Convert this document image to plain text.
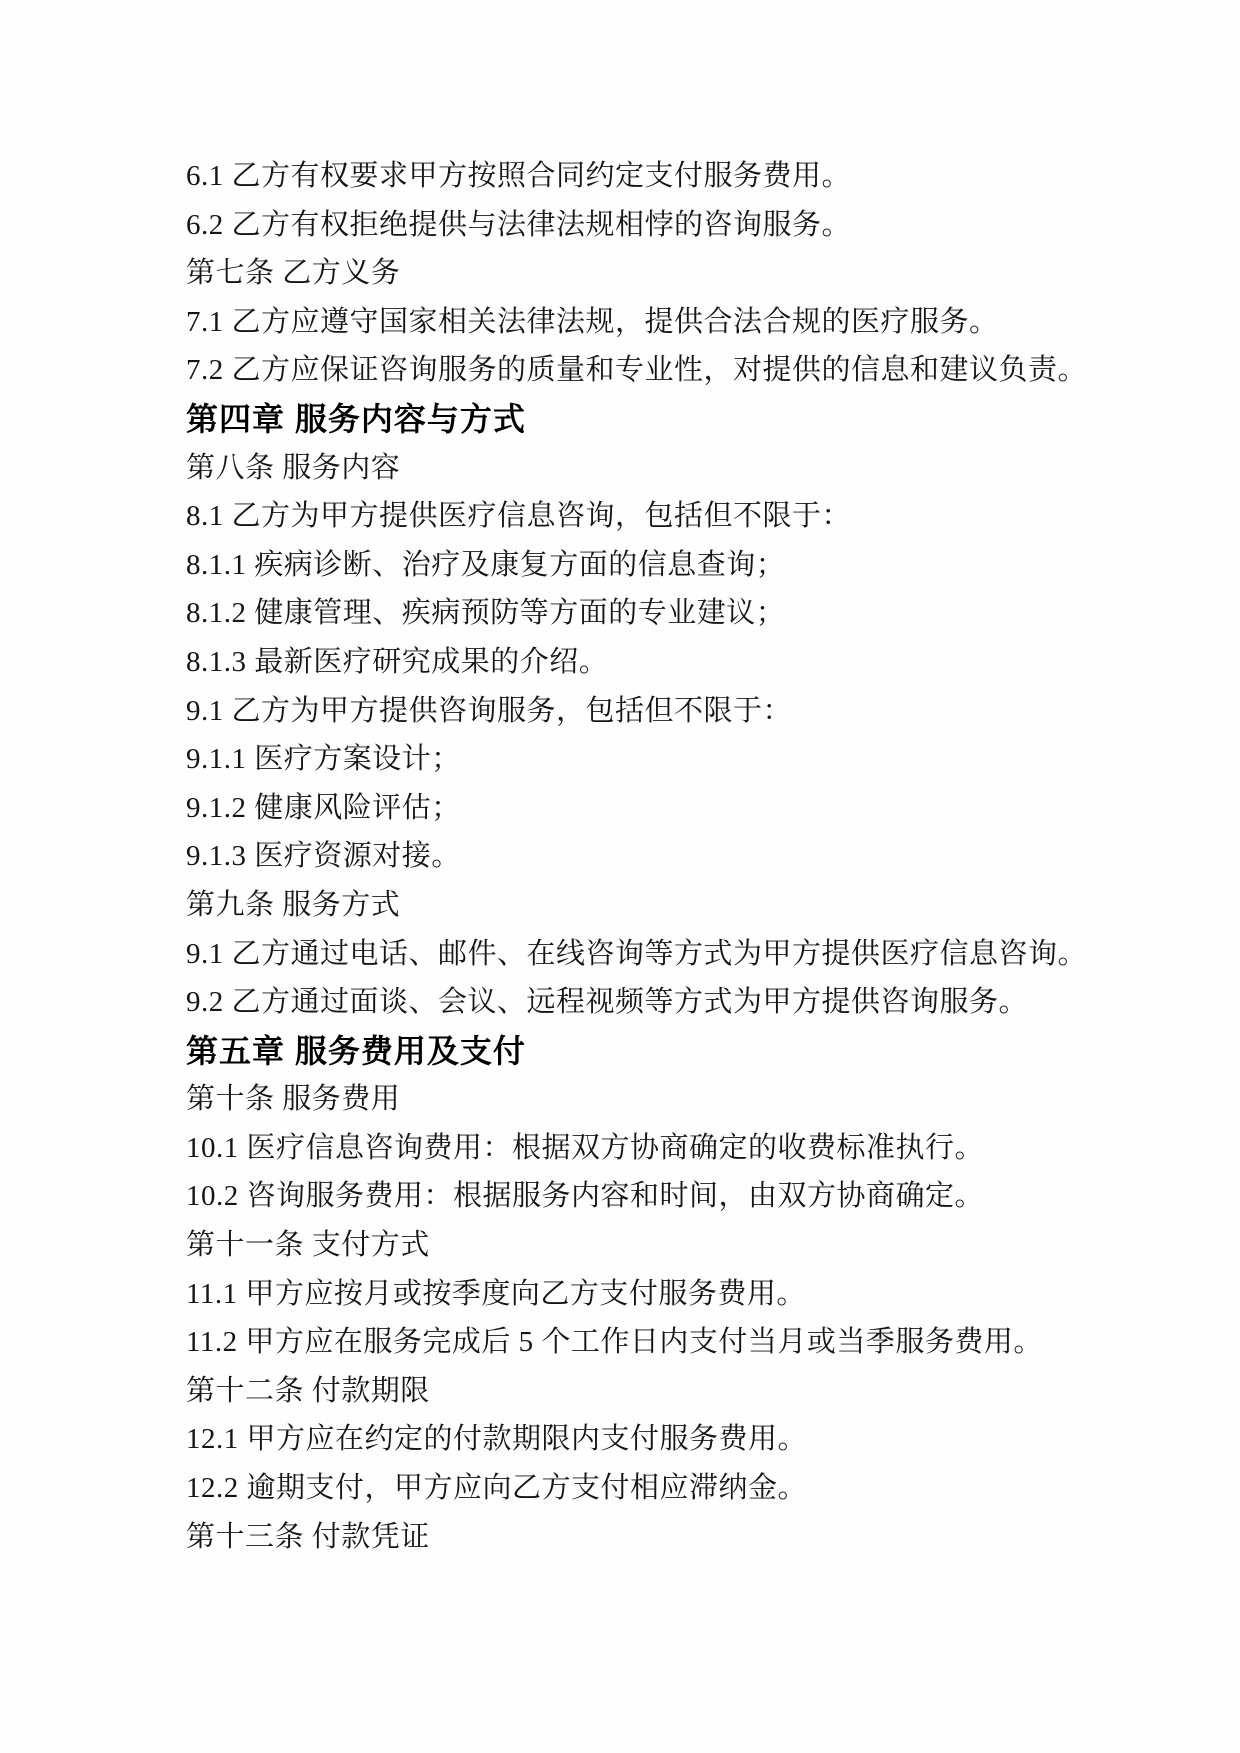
6.1 乙方有权要求甲方按照合同约定支付服务费用。

6.2 乙方有权拒绝提供与法律法规相悖的咨询服务。

第七条 乙方义务

7.1 乙方应遵守国家相关法律法规，提供合法合规的医疗服务。

7.2 乙方应保证咨询服务的质量和专业性，对提供的信息和建议负责。

第四章 服务内容与方式

第八条 服务内容

8.1 乙方为甲方提供医疗信息咨询，包括但不限于：

8.1.1 疾病诊断、治疗及康复方面的信息查询；

8.1.2 健康管理、疾病预防等方面的专业建议；

8.1.3 最新医疗研究成果的介绍。

9.1 乙方为甲方提供咨询服务，包括但不限于：

9.1.1 医疗方案设计；

9.1.2 健康风险评估；

9.1.3 医疗资源对接。

第九条 服务方式

9.1 乙方通过电话、邮件、在线咨询等方式为甲方提供医疗信息咨询。

9.2 乙方通过面谈、会议、远程视频等方式为甲方提供咨询服务。

第五章 服务费用及支付

第十条 服务费用

10.1 医疗信息咨询费用：根据双方协商确定的收费标准执行。

10.2 咨询服务费用：根据服务内容和时间，由双方协商确定。

第十一条 支付方式

11.1 甲方应按月或按季度向乙方支付服务费用。

11.2 甲方应在服务完成后 5 个工作日内支付当月或当季服务费用。

第十二条 付款期限

12.1 甲方应在约定的付款期限内支付服务费用。

12.2 逾期支付，甲方应向乙方支付相应滞纳金。

第十三条 付款凭证
